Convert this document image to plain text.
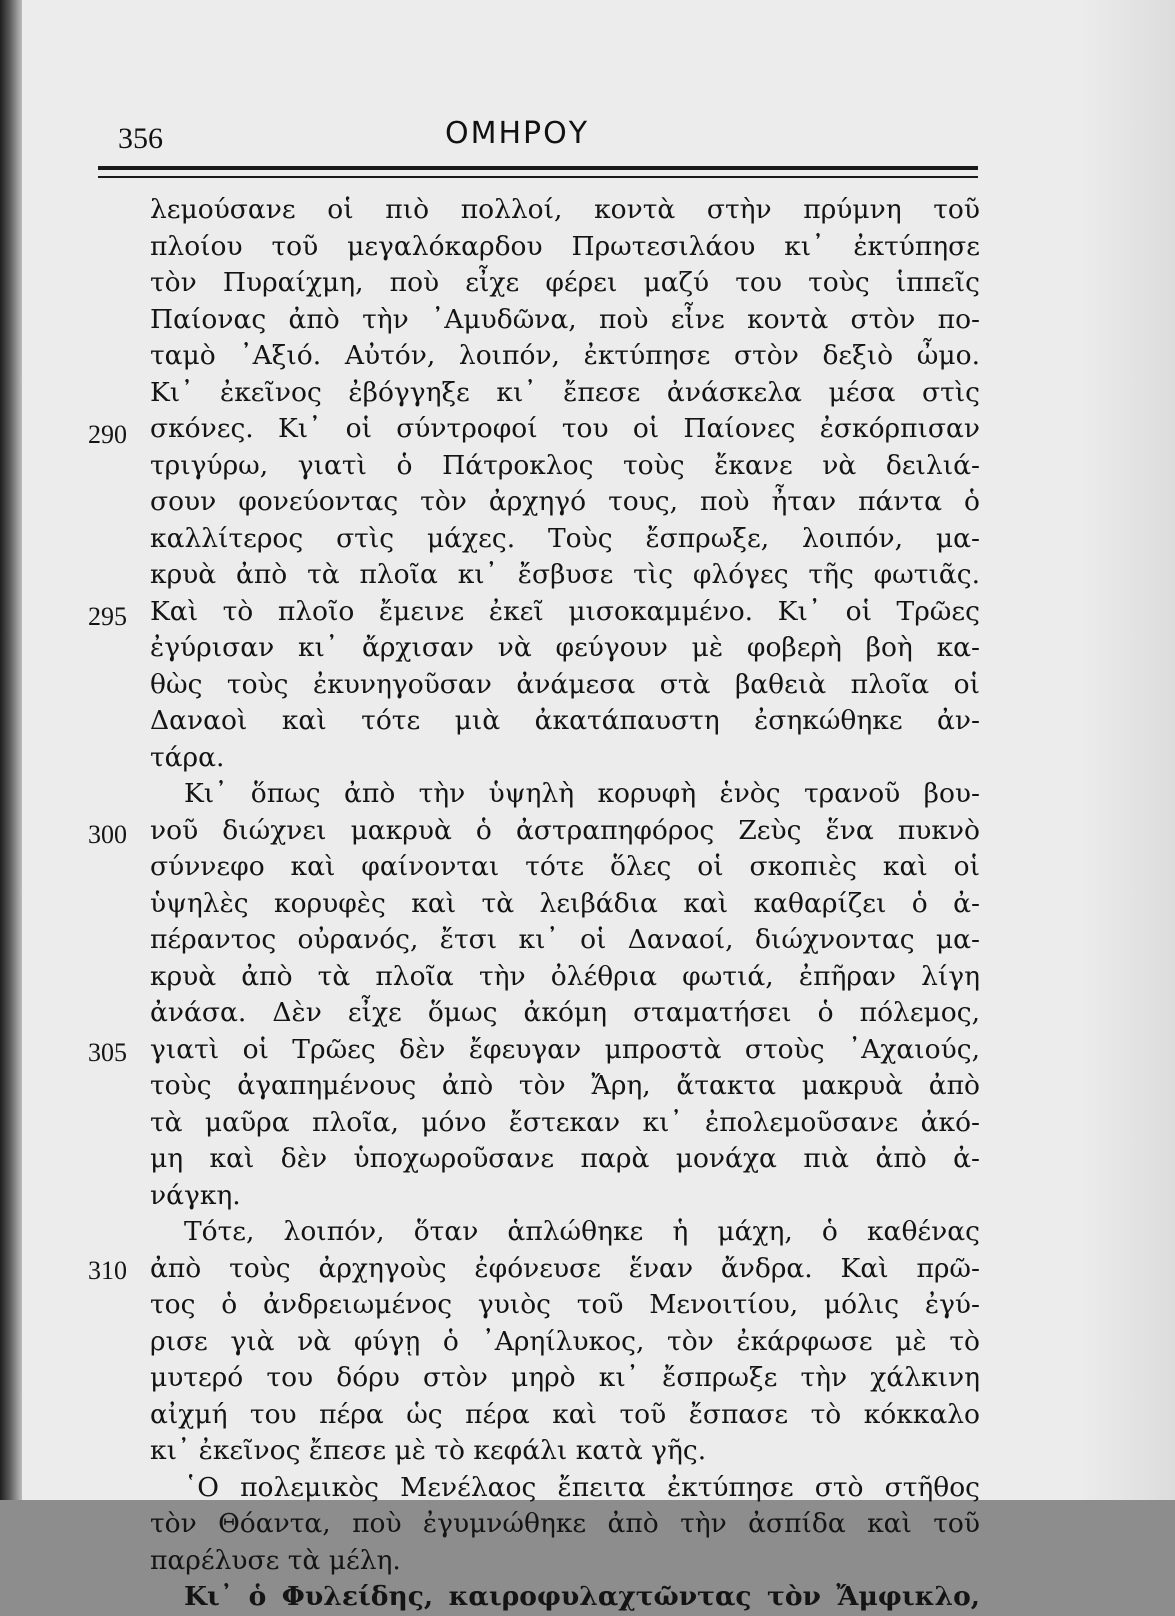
356	ΟΜΗΡΟΥ
290
295
300
305
310
λεμούσανε οἱ πιὸ πολλοί, κοντὰ στὴν πρύμνη τοῦ
πλοίου τοῦ μεγαλόκαρδου Πρωτεσιλάου κι᾿ ἐκτύπησε
τὸν Πυραίχμη, ποὺ εἶχε φέρει μαζύ του τοὺς ἱππεῖς
Παίονας ἀπὸ τὴν ᾿Αμυδῶνα, ποὺ εἶνε κοντὰ στὸν πο-
ταμὸ ᾿Αξιό. Αὐτόν, λοιπόν, ἐκτύπησε στὸν δεξιὸ ὦμο.
Κι᾿ ἐκεῖνος ἐβόγγηξε κι᾿ ἔπεσε ἀνάσκελα μέσα στὶς
σκόνες. Κι᾿ οἱ σύντροφοί του οἱ Παίονες ἐσκόρπισαν
τριγύρω, γιατὶ ὁ Πάτροκλος τοὺς ἔκανε νὰ δειλιά-
σουν φονεύοντας τὸν ἀρχηγό τους, ποὺ ἦταν πάντα ὁ
καλλίτερος στὶς μάχες. Τοὺς ἔσπρωξε, λοιπόν, μα-
κρυὰ ἀπὸ τὰ πλοῖα κι᾿ ἔσβυσε τὶς φλόγες τῆς φωτιᾶς.
Καὶ τὸ πλοῖο ἔμεινε ἐκεῖ μισοκαμμένο. Κι᾿ οἱ Τρῶες
ἐγύρισαν κι᾿ ἄρχισαν νὰ φεύγουν μὲ φοβερὴ βοὴ κα-
θὼς τοὺς ἐκυνηγοῦσαν ἀνάμεσα στὰ βαθειὰ πλοῖα οἱ
Δαναοὶ καὶ τότε μιὰ ἀκατάπαυστη ἐσηκώθηκε ἀν-
τάρα.
Κι᾿ ὅπως ἀπὸ τὴν ὑψηλὴ κορυφὴ ἑνὸς τρανοῦ βου-
νοῦ διώχνει μακρυὰ ὁ ἀστραπηφόρος Ζεὺς ἕνα πυκνὸ
σύννεφο καὶ φαίνονται τότε ὅλες οἱ σκοπιὲς καὶ οἱ
ὑψηλὲς κορυφὲς καὶ τὰ λειβάδια καὶ καθαρίζει ὁ ἀ-
πέραντος οὐρανός, ἔτσι κι᾿ οἱ Δαναοί, διώχνοντας μα-
κρυὰ ἀπὸ τὰ πλοῖα τὴν ὀλέθρια φωτιά, ἐπῆραν λίγη
ἀνάσα. Δὲν εἶχε ὅμως ἀκόμη σταματήσει ὁ πόλεμος,
γιατὶ οἱ Τρῶες δὲν ἔφευγαν μπροστὰ στοὺς ᾿Αχαιούς,
τοὺς ἀγαπημένους ἀπὸ τὸν Ἄρη, ἄτακτα μακρυὰ ἀπὸ
τὰ μαῦρα πλοῖα, μόνο ἔστεκαν κι᾿ ἐπολεμοῦσανε ἀκό-
μη καὶ δὲν ὑποχωροῦσανε παρὰ μονάχα πιὰ ἀπὸ ἀ-
νάγκη.
Τότε, λοιπόν, ὅταν ἁπλώθηκε ἡ μάχη, ὁ καθένας
ἀπὸ τοὺς ἀρχηγοὺς ἐφόνευσε ἕναν ἄνδρα. Καὶ πρῶ-
τος ὁ ἀνδρειωμένος γυιὸς τοῦ Μενοιτίου, μόλις ἐγύ-
ρισε γιὰ νὰ φύγῃ ὁ ᾿Αρηίλυκος, τὸν ἐκάρφωσε μὲ τὸ
μυτερό του δόρυ στὸν μηρὸ κι᾿ ἔσπρωξε τὴν χάλκινη
αἰχμή του πέρα ὡς πέρα καὶ τοῦ ἔσπασε τὸ κόκκαλο
κι᾿ ἐκεῖνος ἔπεσε μὲ τὸ κεφάλι κατὰ γῆς.
῾Ο πολεμικὸς Μενέλαος ἔπειτα ἐκτύπησε στὸ στῆθος
τὸν Θόαντα, ποὺ ἐγυμνώθηκε ἀπὸ τὴν ἀσπίδα καὶ τοῦ
παρέλυσε τὰ μέλη.
Κι᾿ ὁ Φυλείδης, καιροφυλαχτῶντας τὸν Ἄμφικλο,
